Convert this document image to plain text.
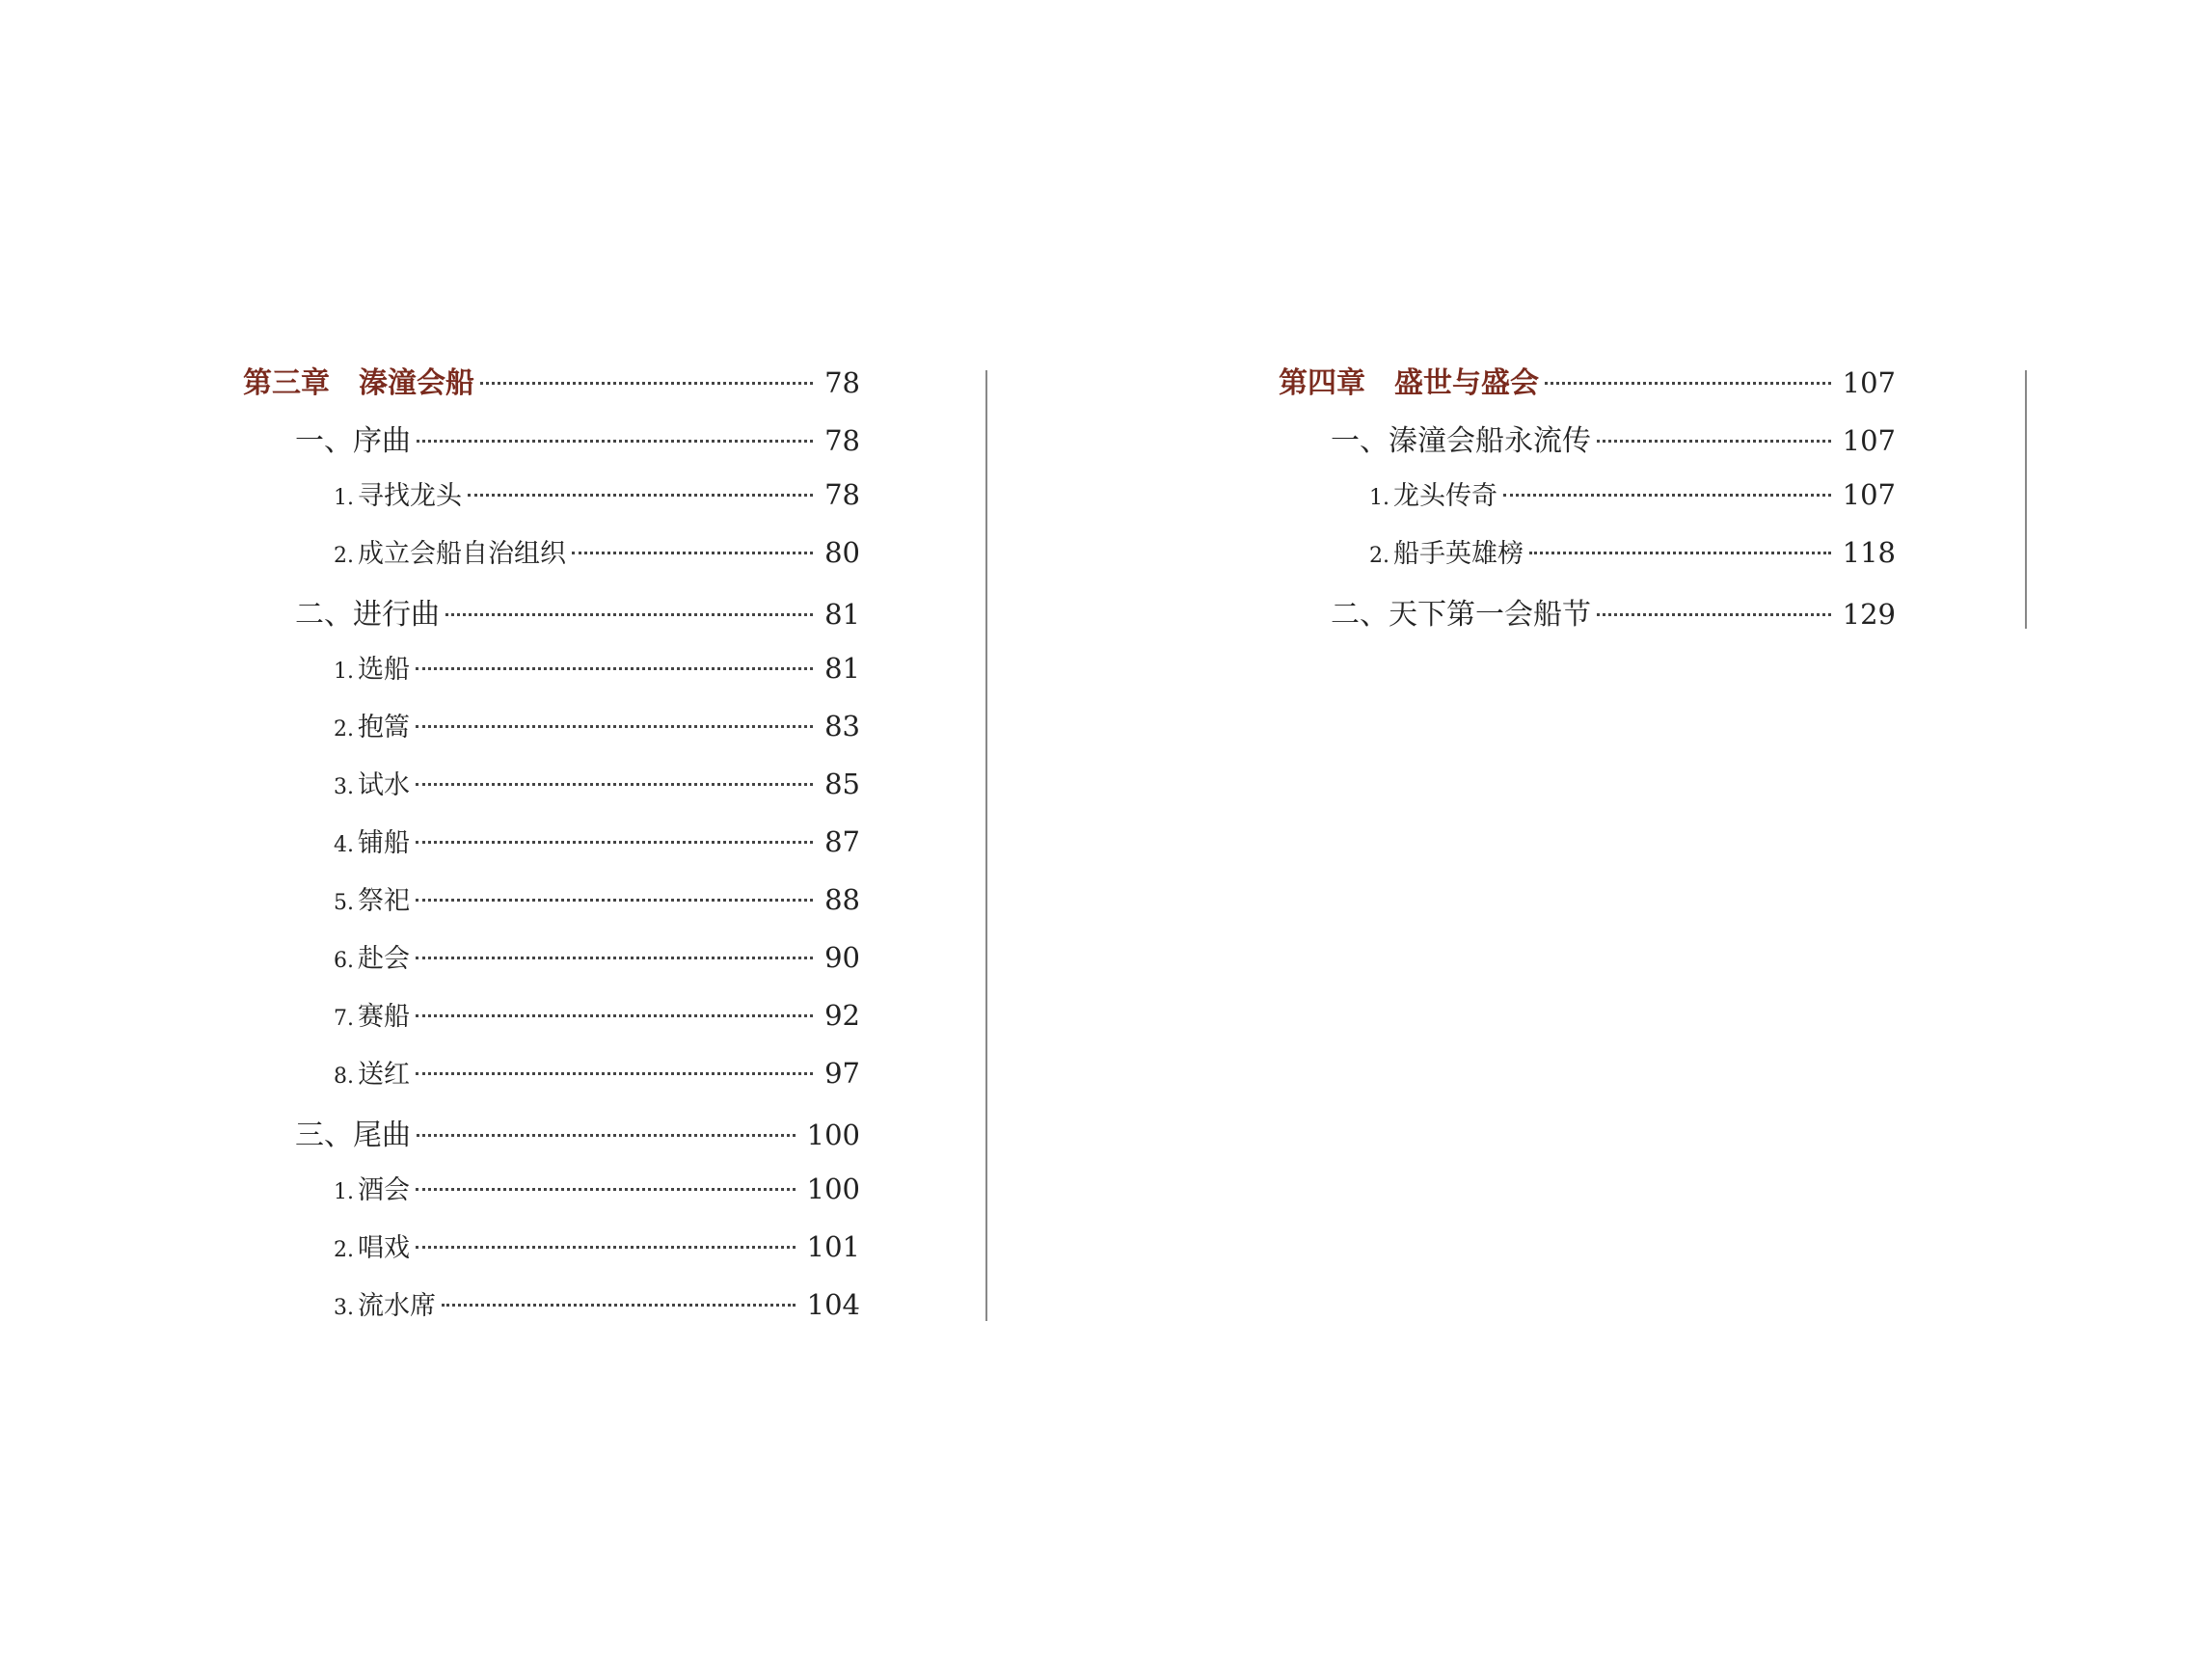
第三章 溱潼会船	78
一、序曲	78
1. 寻找龙头	78
2. 成立会船自治组织	80
二、进行曲	81
1. 选船	81
2. 抱篙	83
3. 试水	85
4. 铺船	87
5. 祭祀	88
6. 赴会	90
7. 赛船	92
8. 送红	97
三、尾曲	100
1. 酒会	100
2. 唱戏	101
3. 流水席	104
第四章 盛世与盛会	107
一、溱潼会船永流传	107
1. 龙头传奇	107
2. 船手英雄榜	118
二、天下第一会船节	129
